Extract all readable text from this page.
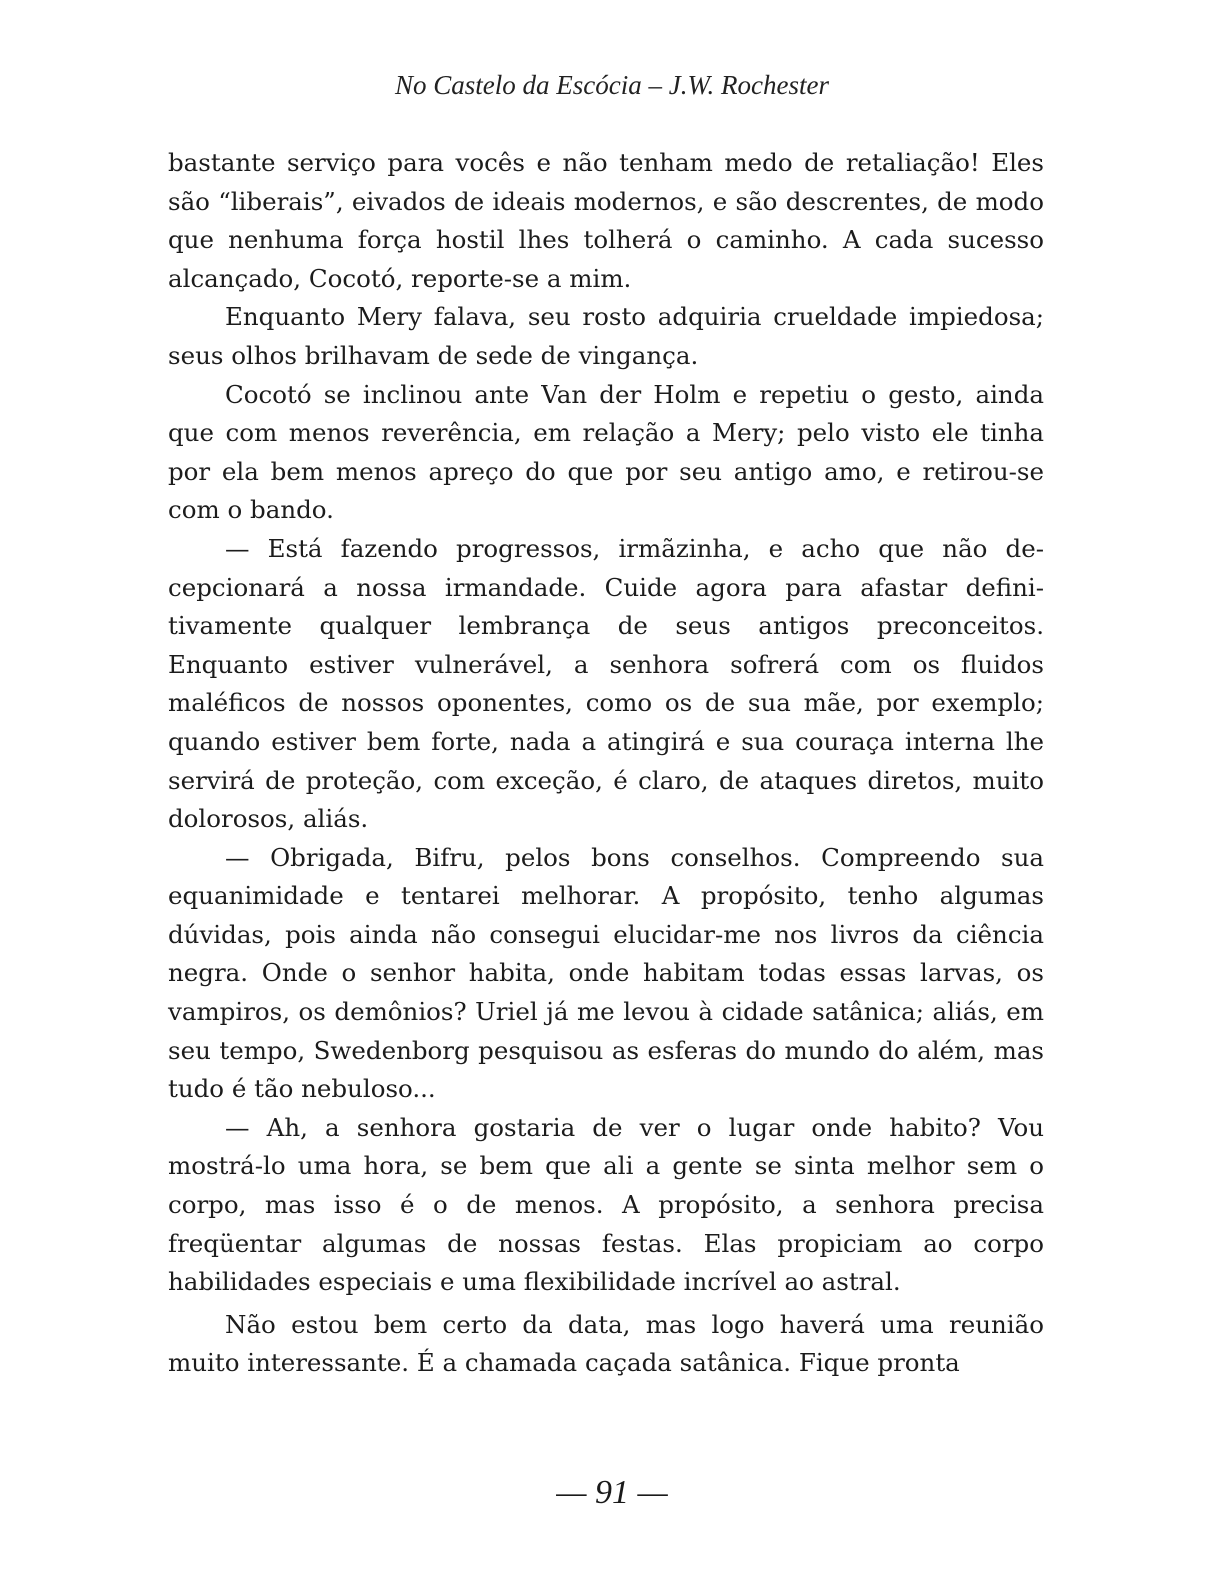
No Castelo da Escócia – J.W. Rochester

bastante serviço para vocês e não tenham medo de retaliação! Eles são “liberais”, eivados de ideais modernos, e são descrentes, de modo que nenhuma força hostil lhes tolherá o caminho. A cada sucesso alcançado, Cocotó, reporte-se a mim.

Enquanto Mery falava, seu rosto adquiria crueldade impiedosa; seus olhos brilhavam de sede de vingança.

Cocotó se inclinou ante Van der Holm e repetiu o gesto, ainda que com menos reverência, em relação a Mery; pelo visto ele tinha por ela bem menos apreço do que por seu antigo amo, e retirou-se com o bando.

— Está fazendo progressos, irmãzinha, e acho que não decepcionará a nossa irmandade. Cuide agora para afastar definitivamente qualquer lembrança de seus antigos preconceitos. Enquanto estiver vulnerável, a senhora sofrerá com os fluidos maléficos de nossos oponentes, como os de sua mãe, por exemplo; quando estiver bem forte, nada a atingirá e sua couraça interna lhe servirá de proteção, com exceção, é claro, de ataques diretos, muito dolorosos, aliás.

— Obrigada, Bifru, pelos bons conselhos. Compreendo sua equanimidade e tentarei melhorar. A propósito, tenho algumas dúvidas, pois ainda não consegui elucidar-me nos livros da ciência negra. Onde o senhor habita, onde habitam todas essas larvas, os vampiros, os demônios? Uriel já me levou à cidade satânica; aliás, em seu tempo, Swedenborg pesquisou as esferas do mundo do além, mas tudo é tão nebuloso...

— Ah, a senhora gostaria de ver o lugar onde habito? Vou mostrá-lo uma hora, se bem que ali a gente se sinta melhor sem o corpo, mas isso é o de menos. A propósito, a senhora precisa freqüentar algumas de nossas festas. Elas propiciam ao corpo habilidades especiais e uma flexibilidade incrível ao astral.

Não estou bem certo da data, mas logo haverá uma reunião muito interessante. É a chamada caçada satânica. Fique pronta

— 91 —
